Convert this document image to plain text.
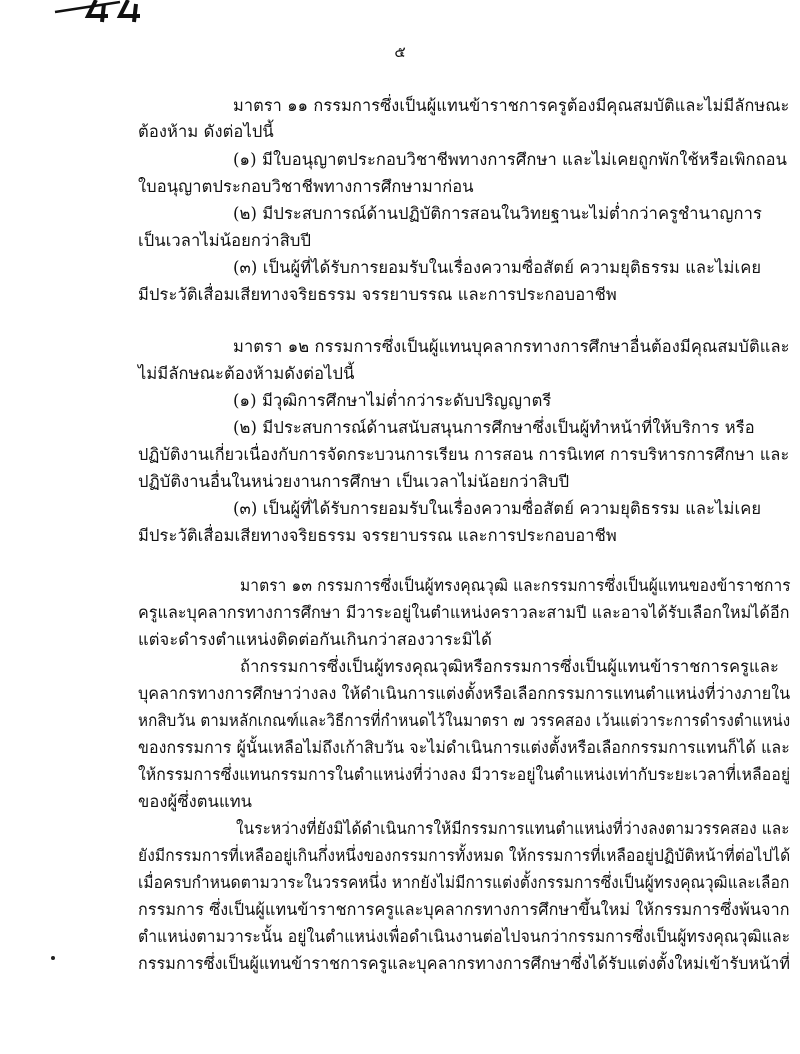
๕
มาตรา ๑๑ กรรมการซึ่งเป็นผู้แทนข้าราชการครูต้องมีคุณสมบัติและไม่มีลักษณะ
ต้องห้าม ดังต่อไปนี้
(๑) มีใบอนุญาตประกอบวิชาชีพทางการศึกษา และไม่เคยถูกพักใช้หรือเพิกถอน
ใบอนุญาตประกอบวิชาชีพทางการศึกษามาก่อน
(๒) มีประสบการณ์ด้านปฏิบัติการสอนในวิทยฐานะไม่ต่ำกว่าครูชำนาญการ
เป็นเวลาไม่น้อยกว่าสิบปี
(๓) เป็นผู้ที่ได้รับการยอมรับในเรื่องความซื่อสัตย์ ความยุติธรรม และไม่เคย
มีประวัติเสื่อมเสียทางจริยธรรม จรรยาบรรณ และการประกอบอาชีพ
มาตรา ๑๒ กรรมการซึ่งเป็นผู้แทนบุคลากรทางการศึกษาอื่นต้องมีคุณสมบัติและ
ไม่มีลักษณะต้องห้ามดังต่อไปนี้
(๑) มีวุฒิการศึกษาไม่ต่ำกว่าระดับปริญญาตรี
(๒) มีประสบการณ์ด้านสนับสนุนการศึกษาซึ่งเป็นผู้ทำหน้าที่ให้บริการ หรือ
ปฏิบัติงานเกี่ยวเนื่องกับการจัดกระบวนการเรียน การสอน การนิเทศ การบริหารการศึกษา และ
ปฏิบัติงานอื่นในหน่วยงานการศึกษา เป็นเวลาไม่น้อยกว่าสิบปี
(๓) เป็นผู้ที่ได้รับการยอมรับในเรื่องความซื่อสัตย์ ความยุติธรรม และไม่เคย
มีประวัติเสื่อมเสียทางจริยธรรม จรรยาบรรณ และการประกอบอาชีพ
มาตรา ๑๓ กรรมการซึ่งเป็นผู้ทรงคุณวุฒิ และกรรมการซึ่งเป็นผู้แทนของข้าราชการ
ครูและบุคลากรทางการศึกษา มีวาระอยู่ในตำแหน่งคราวละสามปี และอาจได้รับเลือกใหม่ได้อีก
แต่จะดำรงตำแหน่งติดต่อกันเกินกว่าสองวาระมิได้
ถ้ากรรมการซึ่งเป็นผู้ทรงคุณวุฒิหรือกรรมการซึ่งเป็นผู้แทนข้าราชการครูและ
บุคลากรทางการศึกษาว่างลง ให้ดำเนินการแต่งตั้งหรือเลือกกรรมการแทนตำแหน่งที่ว่างภายใน
หกสิบวัน ตามหลักเกณฑ์และวิธีการที่กำหนดไว้ในมาตรา ๗ วรรคสอง เว้นแต่วาระการดำรงตำแหน่ง
ของกรรมการ ผู้นั้นเหลือไม่ถึงเก้าสิบวัน จะไม่ดำเนินการแต่งตั้งหรือเลือกกรรมการแทนก็ได้ และ
ให้กรรมการซึ่งแทนกรรมการในตำแหน่งที่ว่างลง มีวาระอยู่ในตำแหน่งเท่ากับระยะเวลาที่เหลืออยู่
ของผู้ซึ่งตนแทน
ในระหว่างที่ยังมิได้ดำเนินการให้มีกรรมการแทนตำแหน่งที่ว่างลงตามวรรคสอง และ
ยังมีกรรมการที่เหลืออยู่เกินกึ่งหนึ่งของกรรมการทั้งหมด ให้กรรมการที่เหลืออยู่ปฏิบัติหน้าที่ต่อไปได้
เมื่อครบกำหนดตามวาระในวรรคหนึ่ง หากยังไม่มีการแต่งตั้งกรรมการซึ่งเป็นผู้ทรงคุณวุฒิและเลือก
กรรมการ ซึ่งเป็นผู้แทนข้าราชการครูและบุคลากรทางการศึกษาขึ้นใหม่ ให้กรรมการซึ่งพ้นจาก
ตำแหน่งตามวาระนั้น อยู่ในตำแหน่งเพื่อดำเนินงานต่อไปจนกว่ากรรมการซึ่งเป็นผู้ทรงคุณวุฒิและ
กรรมการซึ่งเป็นผู้แทนข้าราชการครูและบุคลากรทางการศึกษาซึ่งได้รับแต่งตั้งใหม่เข้ารับหน้าที่
